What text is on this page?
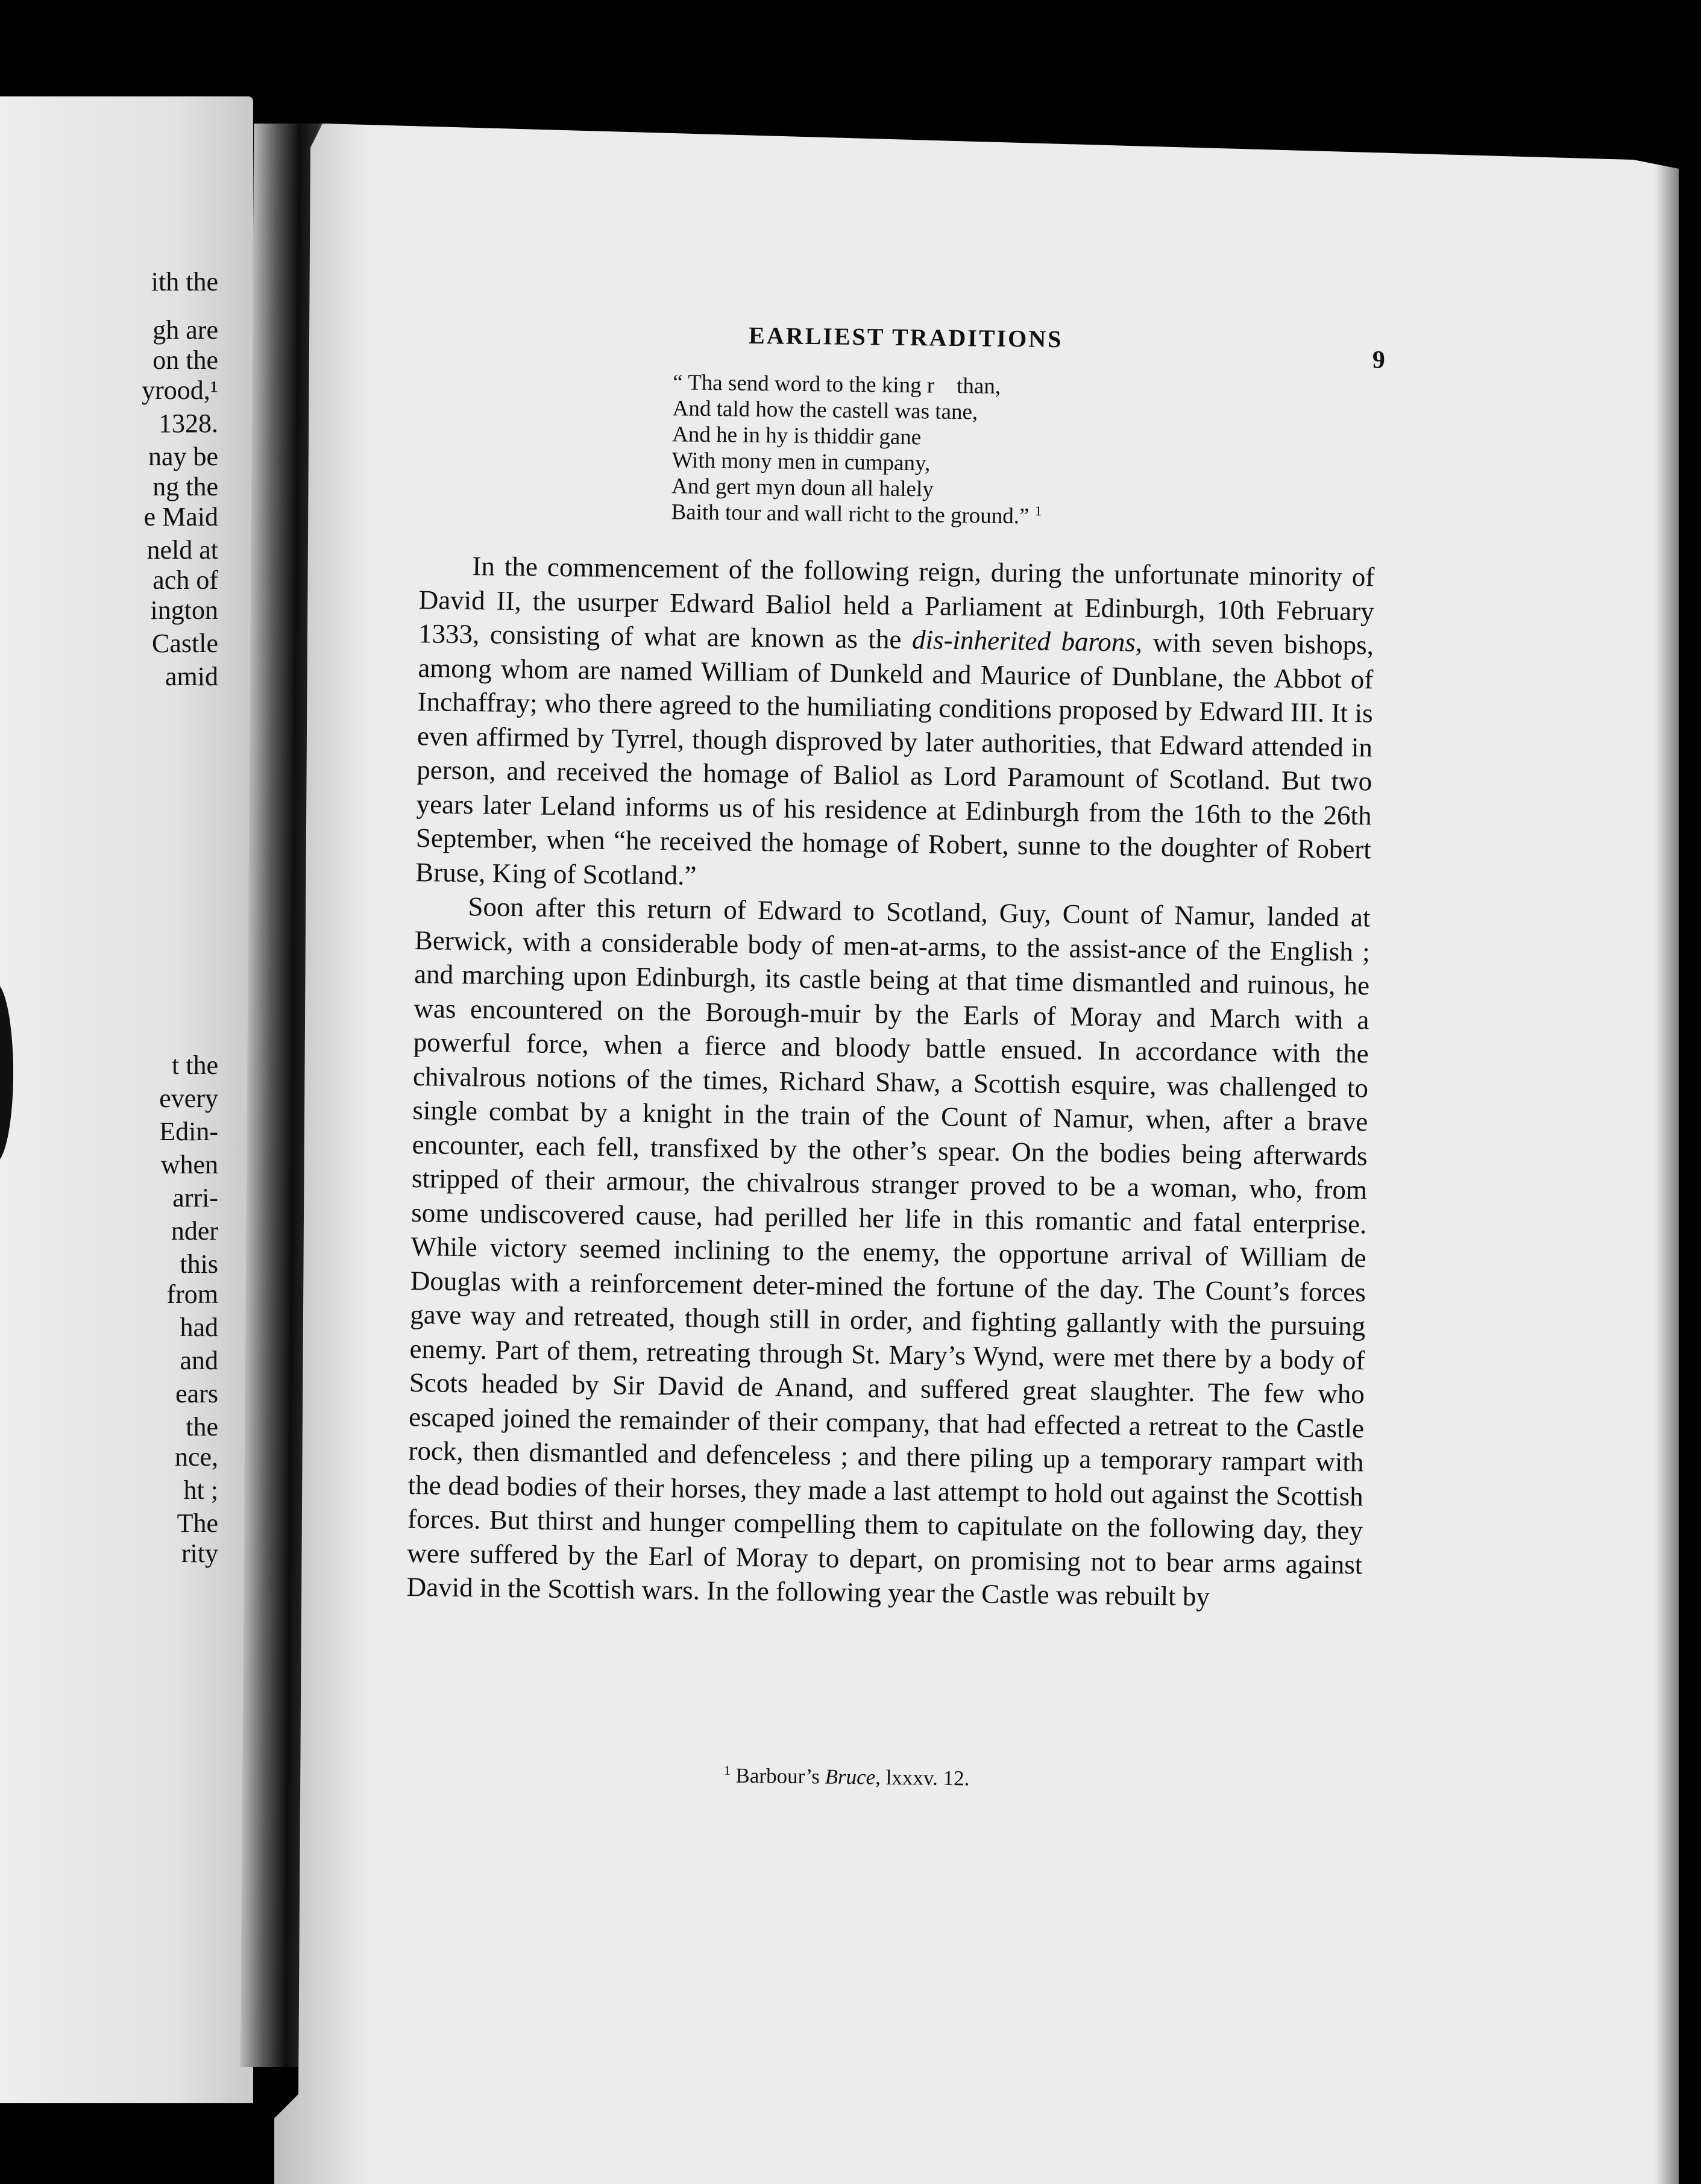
ith the
gh are
on the
yrood,¹
1328.
nay be
ng the
e Maid
neld at
ach of
ington
Castle
amid
t the
every
Edin-
when
arri-
nder
this
from
had
and
ears
the
nce,
ht ;
The
rity
EARLIEST TRADITIONS
9
“ Tha send word to the king r​    than,
And tald how the castell was tane,
And he in hy is thiddir gane
With mony men in cumpany,
And gert myn doun all halely
Baith tour and wall richt to the ground.” $^1$

In the commencement of the following reign, during the unfortunate minority of David II, the usurper Edward Baliol held a Parliament at Edinburgh, 10th February 1333, consisting of what are known as the dis-inherited barons, with seven bishops, among whom are named William of Dunkeld and Maurice of Dunblane, the Abbot of Inchaffray; who there agreed to the humiliating conditions proposed by Edward III. It is even affirmed by Tyrrel, though disproved by later authorities, that Edward attended in person, and received the homage of Baliol as Lord Paramount of Scotland. But two years later Leland informs us of his residence at Edinburgh from the 16th to the 26th September, when “he received the homage of Robert, sunne to the doughter of Robert Bruse, King of Scotland.”

Soon after this return of Edward to Scotland, Guy, Count of Namur, landed at Berwick, with a considerable body of men-at-arms, to the assist-ance of the English ; and marching upon Edinburgh, its castle being at that time dismantled and ruinous, he was encountered on the Borough-muir by the Earls of Moray and March with a powerful force, when a fierce and bloody battle ensued. In accordance with the chivalrous notions of the times, Richard Shaw, a Scottish esquire, was challenged to single combat by a knight in the train of the Count of Namur, when, after a brave encounter, each fell, transfixed by the other’s spear. On the bodies being afterwards stripped of their armour, the chivalrous stranger proved to be a woman, who, from some undiscovered cause, had perilled her life in this romantic and fatal enterprise. While victory seemed inclining to the enemy, the opportune arrival of William de Douglas with a reinforcement deter-mined the fortune of the day. The Count’s forces gave way and retreated, though still in order, and fighting gallantly with the pursuing enemy. Part of them, retreating through St. Mary’s Wynd, were met there by a body of Scots headed by Sir David de Anand, and suffered great slaughter. The few who escaped joined the remainder of their company, that had effected a retreat to the Castle rock, then dismantled and defenceless ; and there piling up a temporary rampart with the dead bodies of their horses, they made a last attempt to hold out against the Scottish forces. But thirst and hunger compelling them to capitulate on the following day, they were suffered by the Earl of Moray to depart, on promising not to bear arms against David in the Scottish wars. In the following year the Castle was rebuilt by

$^1$ Barbour’s Bruce, lxxxv. 12.
